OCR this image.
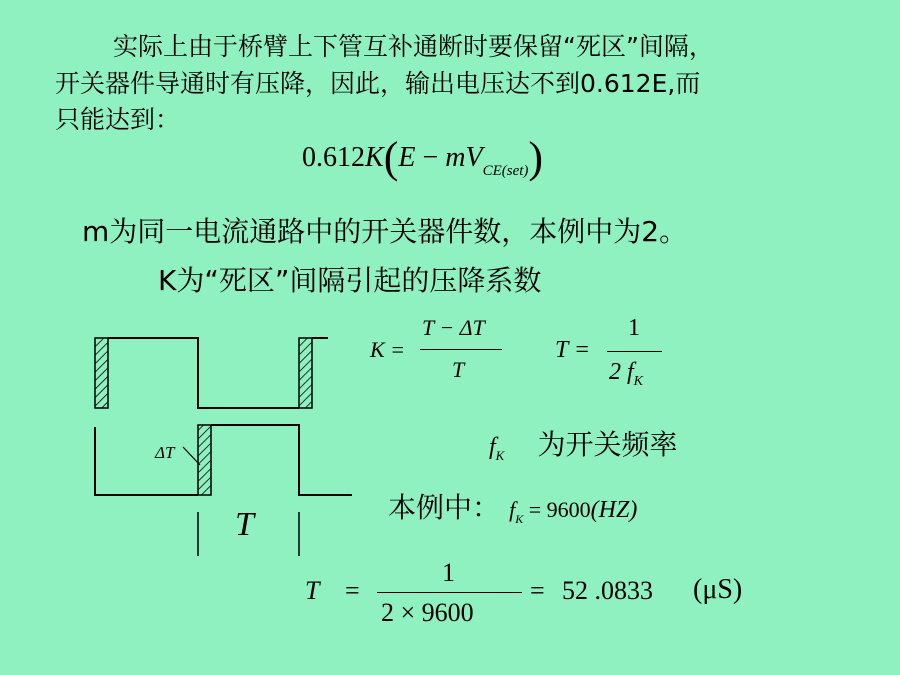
实际上由于桥臂上下管互补通断时要保留“死区”间隔，
开关器件导通时有压降，因此，输出电压达不到0.612E,而
只能达到：
$0.612K(E - mV_{CE(set)})$
m为同一电流通路中的开关器件数，本例中为2。
K为“死区”间隔引起的压降系数
ΔT
T
K =
T − ΔT
T
T =
1
2 $f_K$
$f_K$ 为开关频率
本例中： $f_K = 9600(HZ)$
T =
1
2 × 9600
= 52 .0833 (μS)
